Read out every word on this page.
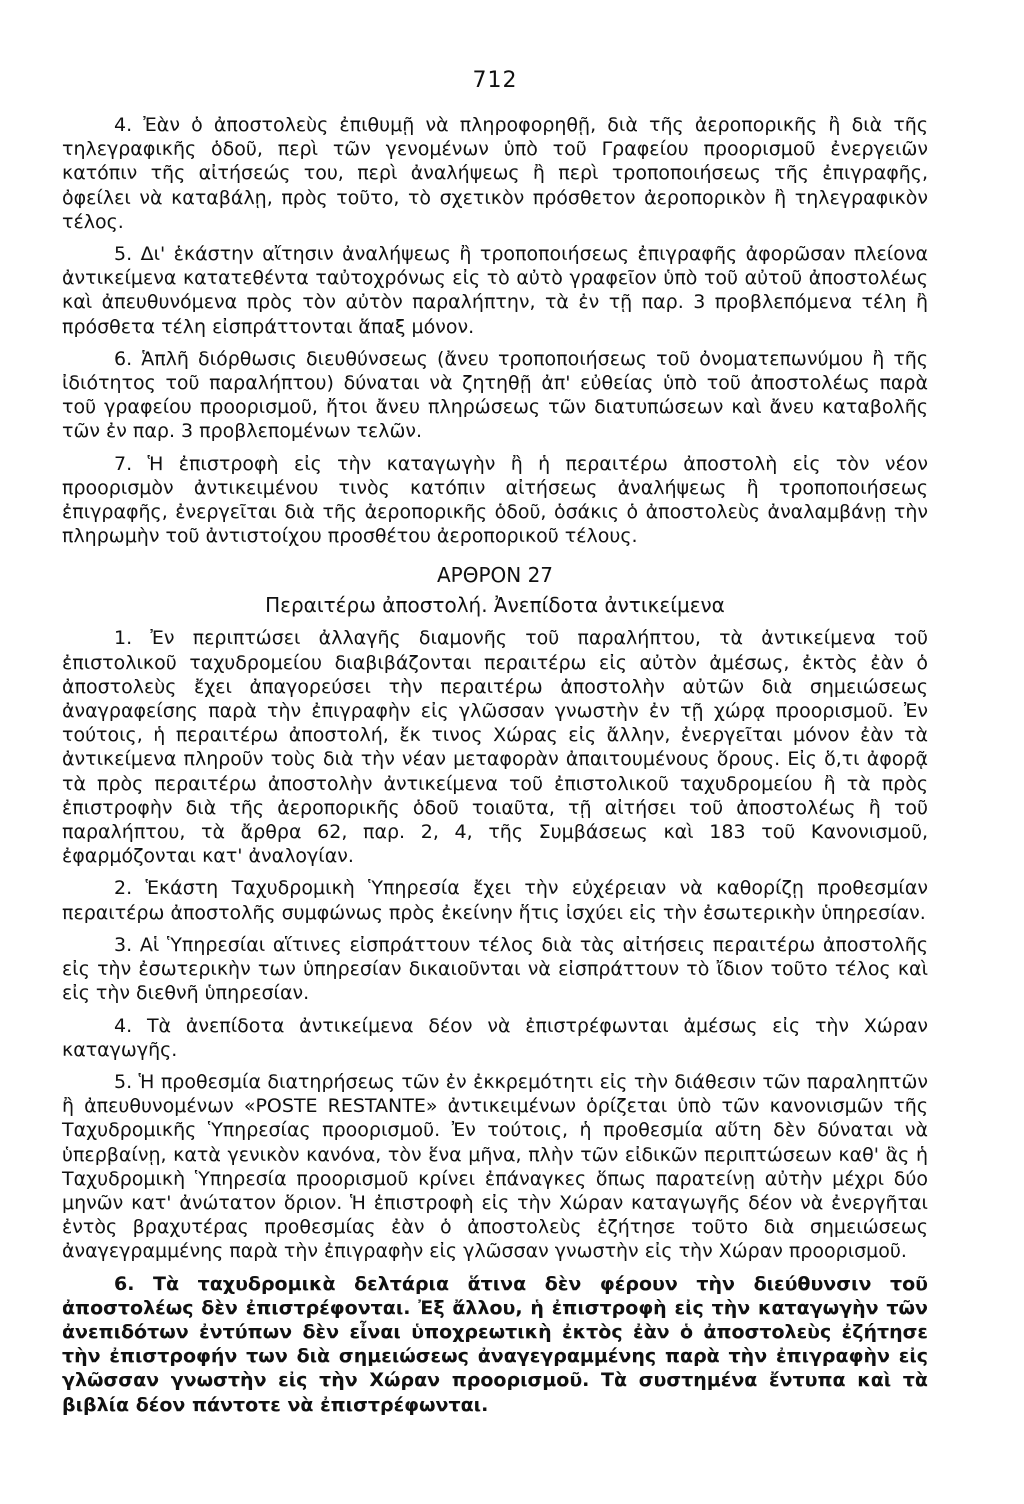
712

4. Ἐὰν ὁ ἀποστολεὺς ἐπιθυμῇ νὰ πληροφορηθῇ, διὰ τῆς ἀεροπορικῆς ἢ διὰ τῆς τηλεγραφικῆς ὁδοῦ, περὶ τῶν γενομένων ὑπὸ τοῦ Γραφείου προορισμοῦ ἐνεργειῶν κατόπιν τῆς αἰτήσεώς του, περὶ ἀναλήψεως ἢ περὶ τροποποιήσεως τῆς ἐπιγραφῆς, ὀφείλει νὰ καταβάλῃ, πρὸς τοῦτο, τὸ σχετικὸν πρόσθετον ἀεροπορικὸν ἢ τηλεγραφικὸν τέλος.

5. Δι' ἑκάστην αἴτησιν ἀναλήψεως ἢ τροποποιήσεως ἐπιγραφῆς ἀφορῶσαν πλείονα ἀντικείμενα κατατεθέντα ταὐτοχρόνως εἰς τὸ αὐτὸ γραφεῖον ὑπὸ τοῦ αὐτοῦ ἀποστολέως καὶ ἀπευθυνόμενα πρὸς τὸν αὐτὸν παραλήπτην, τὰ ἐν τῇ παρ. 3 προβλεπόμενα τέλη ἢ πρόσθετα τέλη εἰσπράττονται ἅπαξ μόνον.

6. Ἁπλῆ διόρθωσις διευθύνσεως (ἄνευ τροποποιήσεως τοῦ ὀνοματεπωνύμου ἢ τῆς ἰδιότητος τοῦ παραλήπτου) δύναται νὰ ζητηθῇ ἀπ' εὐθείας ὑπὸ τοῦ ἀποστολέως παρὰ τοῦ γραφείου προορισμοῦ, ἤτοι ἄνευ πληρώσεως τῶν διατυπώσεων καὶ ἄνευ καταβολῆς τῶν ἐν παρ. 3 προβλεπομένων τελῶν.

7. Ἡ ἐπιστροφὴ εἰς τὴν καταγωγὴν ἢ ἡ περαιτέρω ἀποστολὴ εἰς τὸν νέον προορισμὸν ἀντικειμένου τινὸς κατόπιν αἰτήσεως ἀναλήψεως ἢ τροποποιήσεως ἐπιγραφῆς, ἐνεργεῖται διὰ τῆς ἀεροπορικῆς ὁδοῦ, ὁσάκις ὁ ἀποστολεὺς ἀναλαμβάνῃ τὴν πληρωμὴν τοῦ ἀντιστοίχου προσθέτου ἀεροπορικοῦ τέλους.

ΑΡΘΡΟΝ 27
Περαιτέρω ἀποστολή. Ἀνεπίδοτα ἀντικείμενα

1. Ἐν περιπτώσει ἀλλαγῆς διαμονῆς τοῦ παραλήπτου, τὰ ἀντικείμενα τοῦ ἐπιστολικοῦ ταχυδρομείου διαβιβάζονται περαιτέρω εἰς αὐτὸν ἀμέσως, ἐκτὸς ἐὰν ὁ ἀποστολεὺς ἔχει ἀπαγορεύσει τὴν περαιτέρω ἀποστολὴν αὐτῶν διὰ σημειώσεως ἀναγραφείσης παρὰ τὴν ἐπιγραφὴν εἰς γλῶσσαν γνωστὴν ἐν τῇ χώρᾳ προορισμοῦ. Ἐν τούτοις, ἡ περαιτέρω ἀποστολή, ἔκ τινος Χώρας εἰς ἄλλην, ἐνεργεῖται μόνον ἐὰν τὰ ἀντικείμενα πληροῦν τοὺς διὰ τὴν νέαν μεταφορὰν ἀπαιτουμένους ὅρους. Εἰς ὅ,τι ἀφορᾷ τὰ πρὸς περαιτέρω ἀποστολὴν ἀντικείμενα τοῦ ἐπιστολικοῦ ταχυδρομείου ἢ τὰ πρὸς ἐπιστροφὴν διὰ τῆς ἀεροπορικῆς ὁδοῦ τοιαῦτα, τῇ αἰτήσει τοῦ ἀποστολέως ἢ τοῦ παραλήπτου, τὰ ἄρθρα 62, παρ. 2, 4, τῆς Συμβάσεως καὶ 183 τοῦ Κανονισμοῦ, ἐφαρμόζονται κατ' ἀναλογίαν.

2. Ἑκάστη Ταχυδρομικὴ Ὑπηρεσία ἔχει τὴν εὐχέρειαν νὰ καθορίζῃ προθεσμίαν περαιτέρω ἀποστολῆς συμφώνως πρὸς ἐκείνην ἥτις ἰσχύει εἰς τὴν ἐσωτερικὴν ὑπηρεσίαν.

3. Αἱ Ὑπηρεσίαι αἵτινες εἰσπράττουν τέλος διὰ τὰς αἰτήσεις περαιτέρω ἀποστολῆς εἰς τὴν ἐσωτερικὴν των ὑπηρεσίαν δικαιοῦνται νὰ εἰσπράττουν τὸ ἴδιον τοῦτο τέλος καὶ εἰς τὴν διεθνῆ ὑπηρεσίαν.

4. Τὰ ἀνεπίδοτα ἀντικείμενα δέον νὰ ἐπιστρέφωνται ἀμέσως εἰς τὴν Χώραν καταγωγῆς.

5. Ἡ προθεσμία διατηρήσεως τῶν ἐν ἐκκρεμότητι εἰς τὴν διάθεσιν τῶν παραληπτῶν ἢ ἀπευθυνομένων «POSTE RESTANTE» ἀντικειμένων ὁρίζεται ὑπὸ τῶν κανονισμῶν τῆς Ταχυδρομικῆς Ὑπηρεσίας προορισμοῦ. Ἐν τούτοις, ἡ προθεσμία αὕτη δὲν δύναται νὰ ὑπερβαίνῃ, κατὰ γενικὸν κανόνα, τὸν ἕνα μῆνα, πλὴν τῶν εἰδικῶν περιπτώσεων καθ' ἃς ἡ Ταχυδρομικὴ Ὑπηρεσία προορισμοῦ κρίνει ἐπάναγκες ὅπως παρατείνῃ αὐτὴν μέχρι δύο μηνῶν κατ' ἀνώτατον ὅριον. Ἡ ἐπιστροφὴ εἰς τὴν Χώραν καταγωγῆς δέον νὰ ἐνεργῆται ἐντὸς βραχυτέρας προθεσμίας ἐὰν ὁ ἀποστολεὺς ἐζήτησε τοῦτο διὰ σημειώσεως ἀναγεγραμμένης παρὰ τὴν ἐπιγραφὴν εἰς γλῶσσαν γνωστὴν εἰς τὴν Χώραν προορισμοῦ.

6. Τὰ ταχυδρομικὰ δελτάρια ἅτινα δὲν φέρουν τὴν διεύθυνσιν τοῦ ἀποστολέως δὲν ἐπιστρέφονται. Ἐξ ἄλλου, ἡ ἐπιστροφὴ εἰς τὴν καταγωγὴν τῶν ἀνεπιδότων ἐντύπων δὲν εἶναι ὑποχρεωτικὴ ἐκτὸς ἐὰν ὁ ἀποστολεὺς ἐζήτησε τὴν ἐπιστροφήν των διὰ σημειώσεως ἀναγεγραμμένης παρὰ τὴν ἐπιγραφὴν εἰς γλῶσσαν γνωστὴν εἰς τὴν Χώραν προορισμοῦ. Τὰ συστημένα ἔντυπα καὶ τὰ βιβλία δέον πάντοτε νὰ ἐπιστρέφωνται.
